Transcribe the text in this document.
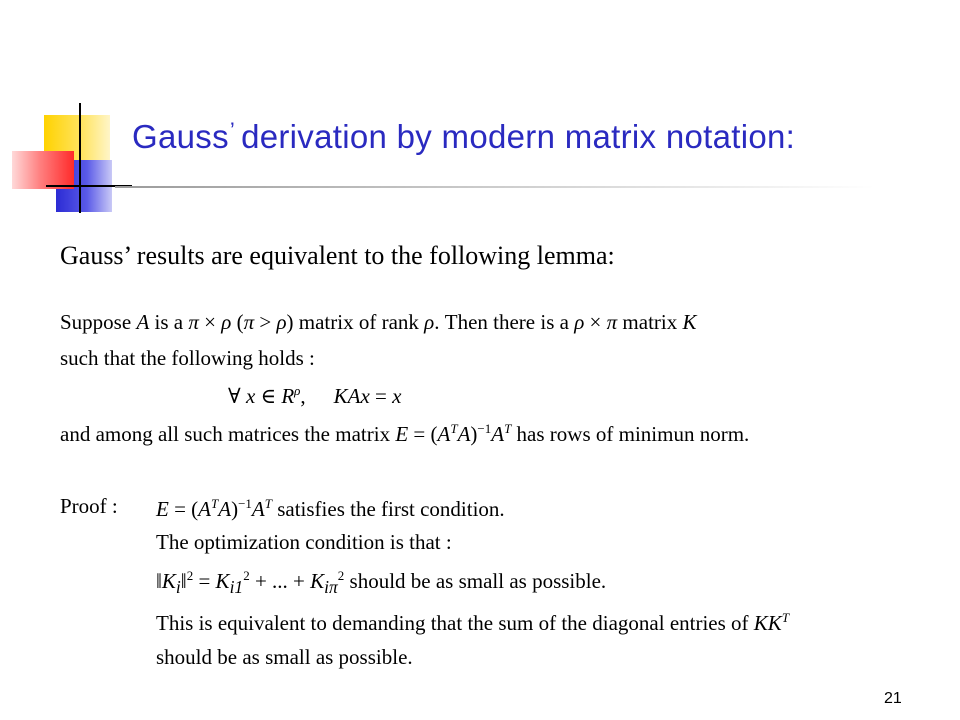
Gauss’ derivation by modern matrix notation:
Gauss’ results are equivalent to the following lemma:
Suppose A is a π × ρ (π > ρ) matrix of rank ρ. Then there is a ρ × π matrix K
such that the following holds :
∀ x ∈ $R^\rho$, KAx = x
and among all such matrices the matrix $E = (A^TA)^{-1}A^T$ has rows of minimun norm.
Proof : $E = (A^TA)^{-1}A^T$ satisfies the first condition.
The optimization condition is that :
$‖K_i‖^2 = K_{i1}^2$ + ... + $K_{i\pi}^2$ should be as small as possible.
This is equivalent to demanding that the sum of the diagonal entries of $KK^T$
should be as small as possible.
21
